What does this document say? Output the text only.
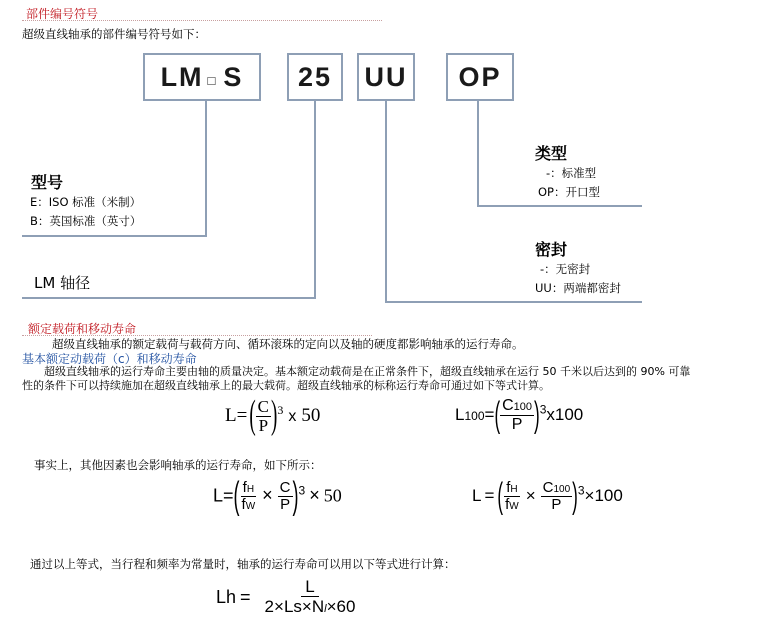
部件编号符号
超级直线轴承的部件编号符号如下：
LM □ S	25	UU	OP
型号
E：ISO 标准（米制）
B：英国标准（英寸）
LM 轴径
类型
-：标准型
OP：开口型
密封
-：无密封
UU：两端都密封
额定载荷和移动寿命
超级直线轴承的额定载荷与载荷方向、循环滚珠的定向以及轴的硬度都影响轴承的运行寿命。
基本额定动载荷（c）和移动寿命
超级直线轴承的运行寿命主要由轴的质量决定。基本额定动载荷是在正常条件下，超级直线轴承在运行 50 千米以后达到的 90% 可靠
性的条件下可以持续施加在超级直线轴承上的最大载荷。超级直线轴承的标称运行寿命可通过如下等式计算。
L= ( $\frac{C}{P} )^3$ x 50	$L100=( \frac{C100}{P} )^3x100$
事实上，其他因素也会影响轴承的运行寿命，如下所示：
$L=( \frac{fH}{fW} \times \frac{C}{P} )^3 \times 50$	L = ( $\frac{fH}{fW} \times \frac{C100}{P} )^3\times 100$
通过以上等式，当行程和频率为常量时，轴承的运行寿命可以用以下等式进行计算：
$Lh = \frac{L}{2\times Ls\times Nl\times 60}$
